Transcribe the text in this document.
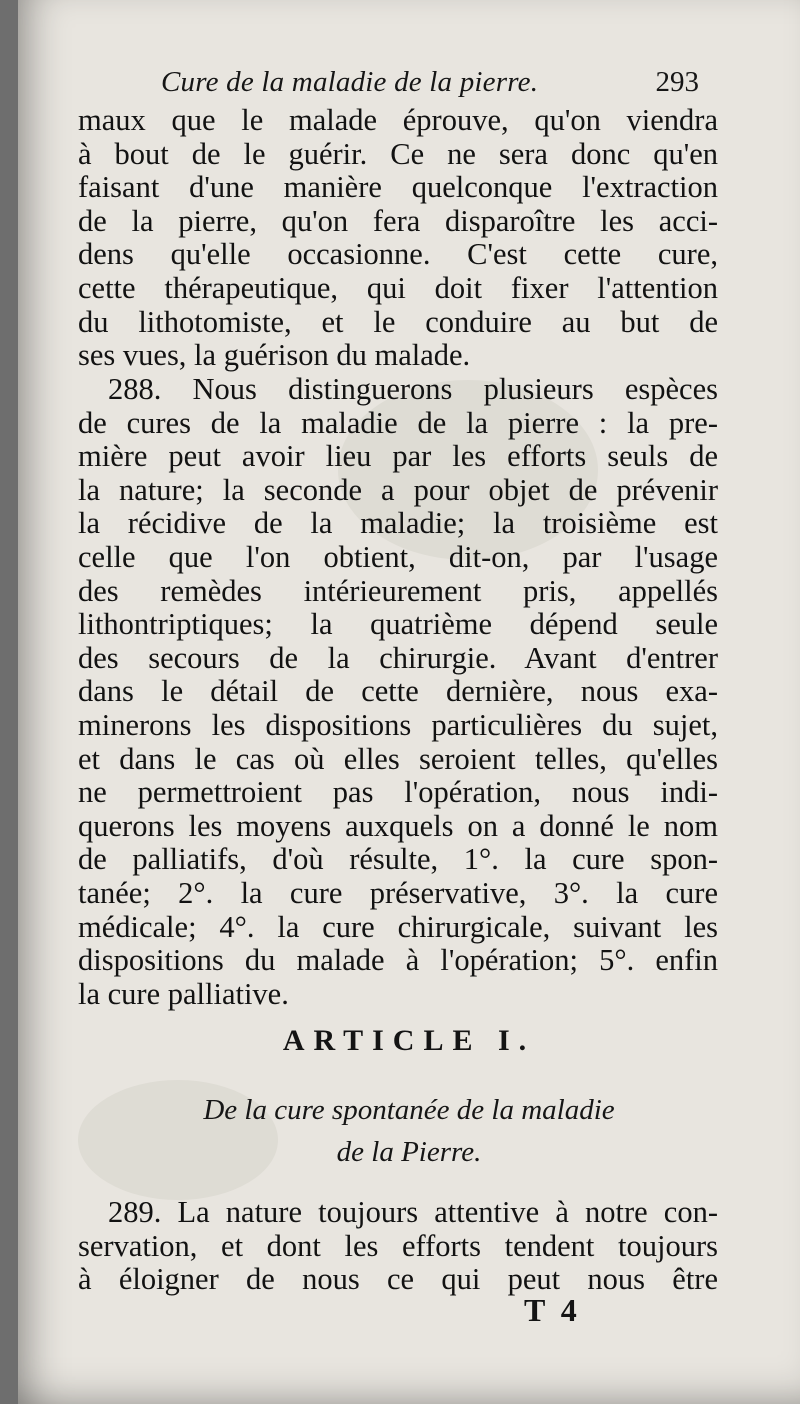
Cure de la maladie de la pierre.	293
maux que le malade éprouve, qu'on viendra
à bout de le guérir. Ce ne sera donc qu'en
faisant d'une manière quelconque l'extraction
de la pierre, qu'on fera disparoître les acci-
dens qu'elle occasionne. C'est cette cure,
cette thérapeutique, qui doit fixer l'attention
du lithotomiste, et le conduire au but de
ses vues, la guérison du malade.
288. Nous distinguerons plusieurs espèces
de cures de la maladie de la pierre : la pre-
mière peut avoir lieu par les efforts seuls de
la nature; la seconde a pour objet de prévenir
la récidive de la maladie; la troisième est
celle que l'on obtient, dit-on, par l'usage
des remèdes intérieurement pris, appellés
lithontriptiques; la quatrième dépend seule
des secours de la chirurgie. Avant d'entrer
dans le détail de cette dernière, nous exa-
minerons les dispositions particulières du sujet,
et dans le cas où elles seroient telles, qu'elles
ne permettroient pas l'opération, nous indi-
querons les moyens auxquels on a donné le nom
de palliatifs, d'où résulte, 1°. la cure spon-
tanée; 2°. la cure préservative, 3°. la cure
médicale; 4°. la cure chirurgicale, suivant les
dispositions du malade à l'opération; 5°. enfin
la cure palliative.
ARTICLE I.
De la cure spontanée de la maladie
de la Pierre.
289. La nature toujours attentive à notre con-
servation, et dont les efforts tendent toujours
à éloigner de nous ce qui peut nous être
T 4
